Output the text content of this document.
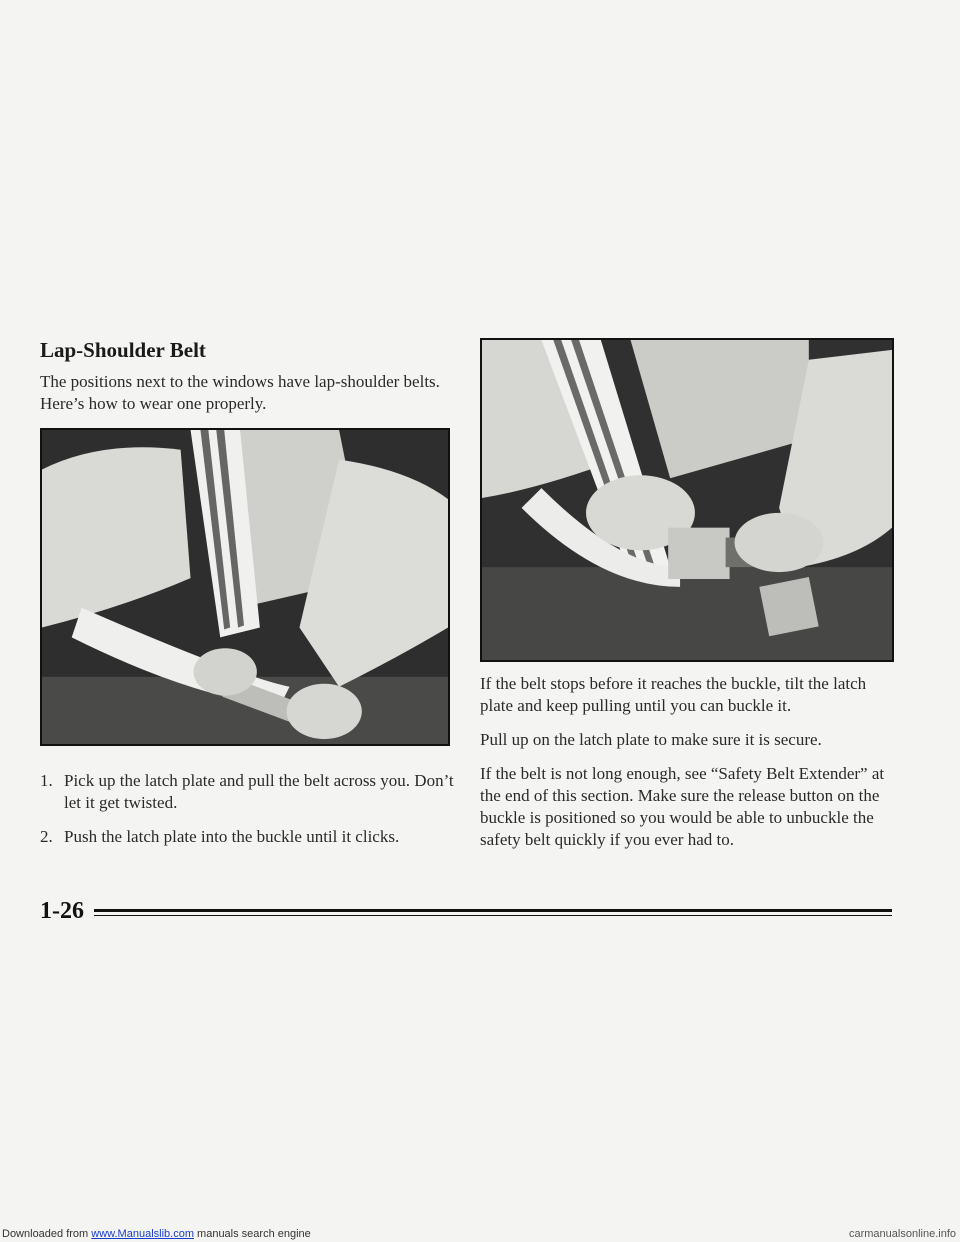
Lap-Shoulder Belt
The positions next to the windows have lap-shoulder belts. Here’s how to wear one properly.
1. Pick up the latch plate and pull the belt across you. Don’t let it get twisted.
2. Push the latch plate into the buckle until it clicks.

If the belt stops before it reaches the buckle, tilt the latch plate and keep pulling until you can buckle it.

Pull up on the latch plate to make sure it is secure.

If the belt is not long enough, see “Safety Belt Extender” at the end of this section. Make sure the release button on the buckle is positioned so you would be able to unbuckle the safety belt quickly if you ever had to.

1-26
Downloaded from www.Manualslib.com manuals search engine	carmanualsonline.info
